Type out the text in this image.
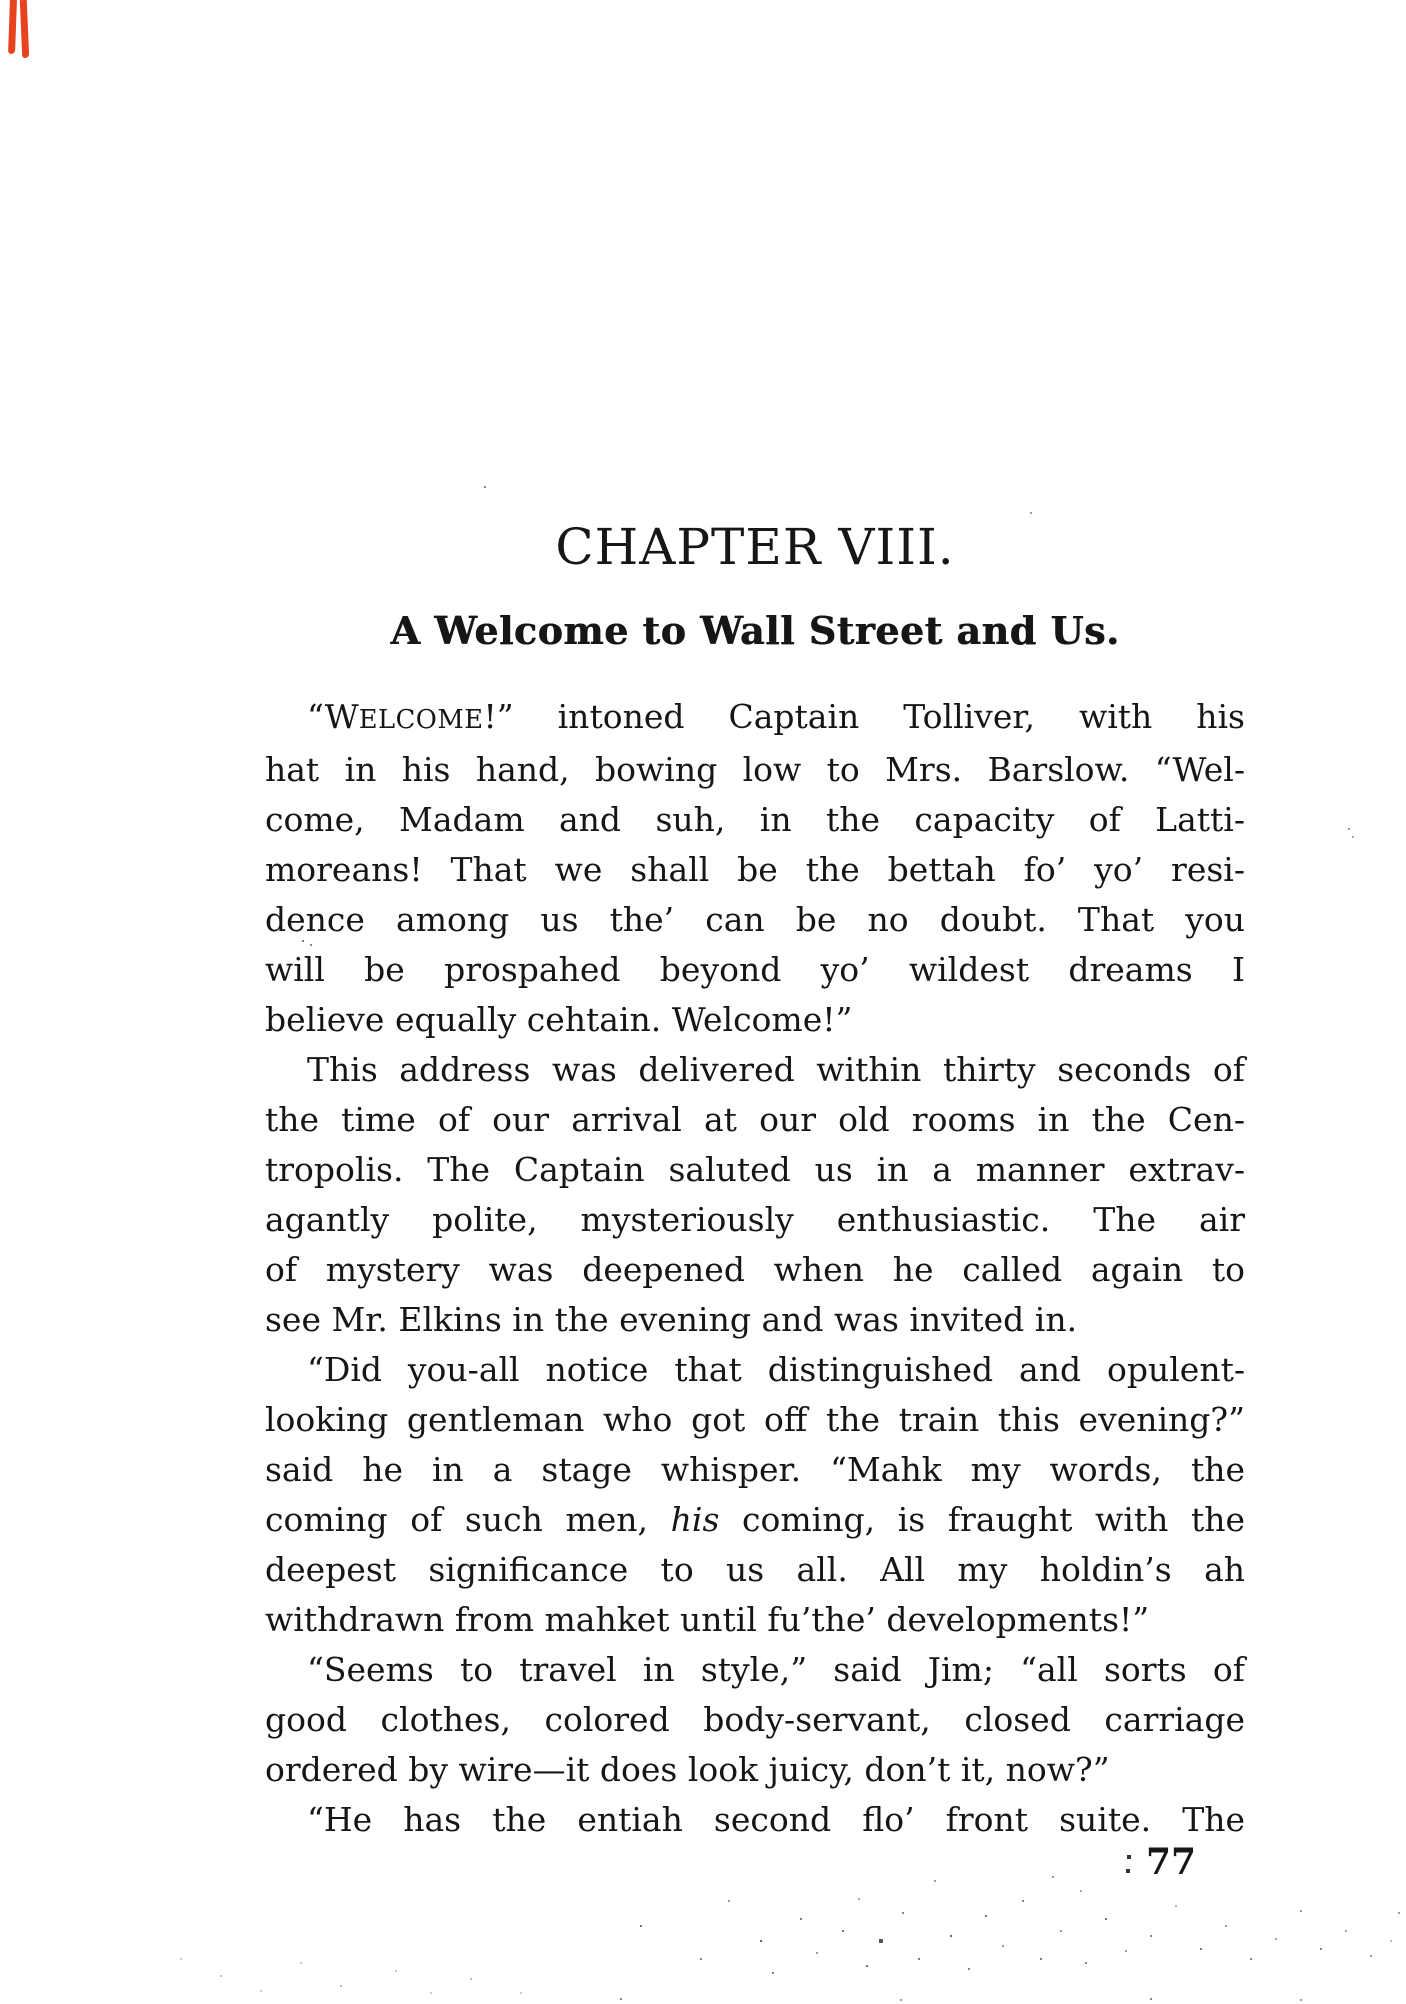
CHAPTER VIII.
A Welcome to Wall Street and Us.
“WELCOME!” intoned Captain Tolliver, with his
hat in his hand, bowing low to Mrs. Barslow. “Wel-
come, Madam and suh, in the capacity of Latti-
moreans! That we shall be the bettah fo’ yo’ resi-
dence among us the’ can be no doubt. That you
will be prospahed beyond yo’ wildest dreams I
believe equally cehtain. Welcome!”
This address was delivered within thirty seconds of
the time of our arrival at our old rooms in the Cen-
tropolis. The Captain saluted us in a manner extrav-
agantly polite, mysteriously enthusiastic. The air
of mystery was deepened when he called again to
see Mr. Elkins in the evening and was invited in.
“Did you-all notice that distinguished and opulent-
looking gentleman who got off the train this evening?”
said he in a stage whisper. “Mahk my words, the
coming of such men, his coming, is fraught with the
deepest significance to us all. All my holdin’s ah
withdrawn from mahket until fu’the’ developments!”
“Seems to travel in style,” said Jim; “all sorts of
good clothes, colored body-servant, closed carriage
ordered by wire—it does look juicy, don’t it, now?”
“He has the entiah second flo’ front suite. The
77
